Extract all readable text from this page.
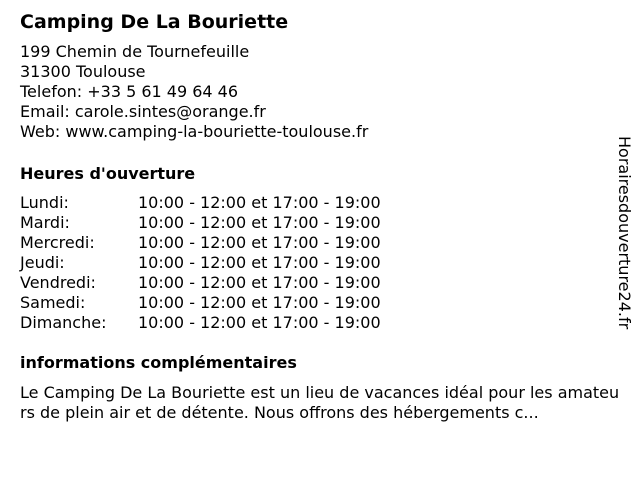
Camping De La Bouriette
199 Chemin de Tournefeuille
31300 Toulouse
Telefon: +33 5 61 49 64 46
Email: carole.sintes@orange.fr
Web: www.camping-la-bouriette-toulouse.fr
Heures d'ouverture
Lundi:	10:00 - 12:00 et 17:00 - 19:00
Mardi:	10:00 - 12:00 et 17:00 - 19:00
Mercredi:	10:00 - 12:00 et 17:00 - 19:00
Jeudi:	10:00 - 12:00 et 17:00 - 19:00
Vendredi:	10:00 - 12:00 et 17:00 - 19:00
Samedi:	10:00 - 12:00 et 17:00 - 19:00
Dimanche:	10:00 - 12:00 et 17:00 - 19:00
informations complémentaires
Le Camping De La Bouriette est un lieu de vacances idéal pour les amateurs de plein air et de détente. Nous offrons des hébergements c...
Horairesdouverture24.fr
